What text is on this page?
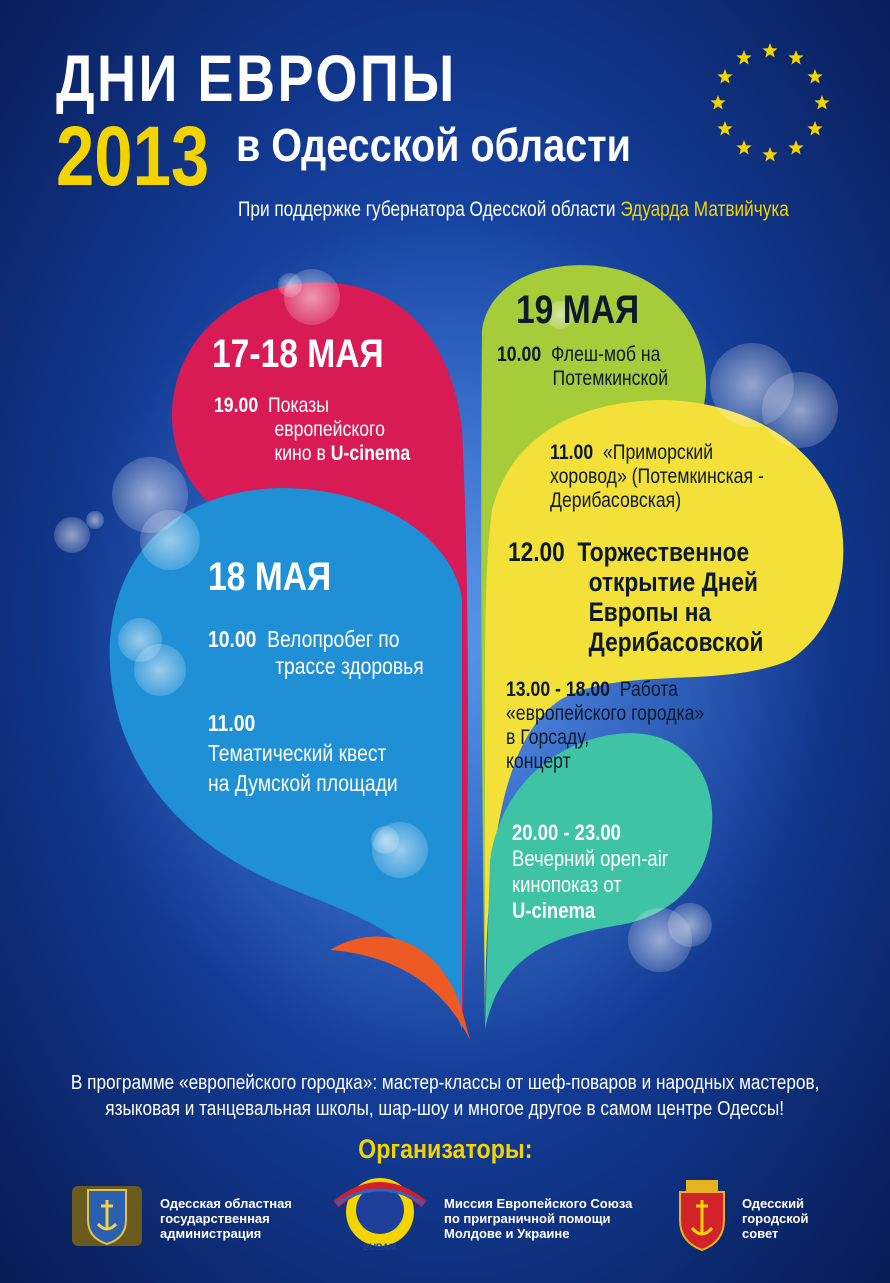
ДНИ ЕВРОПЫ
2013 в Одесской области
При поддержке губернатора Одесской области Эдуарда Матвийчука
17-18 МАЯ
19.00 Показы
европейского
кино в U-cinema
18 МАЯ
10.00 Велопробег по
трассе здоровья
11.00
Тематический квест
на Думской площади
19 МАЯ
10.00 Флеш-моб на
Потемкинской
11.00 «Приморский
хоровод» (Потемкинская -
Дерибасовская)
12.00 Торжественное
открытие Дней
Европы на
Дерибасовской
13.00 - 18.00 Работа
«европейского городка»
в Горсаду,
концерт
20.00 - 23.00
Вечерний open-air
кинопоказ от
U-cinema
В программе «европейского городка»: мастер-классы от шеф-поваров и народных мастеров,
языковая и танцевальная школы, шар-шоу и многое другое в самом центре Одессы!
Организаторы:
Одесская областная
государственная
администрация
EUBAM
Миссия Европейского Союза
по приграничной помощи
Молдове и Украине
Одесский
городской
совет
